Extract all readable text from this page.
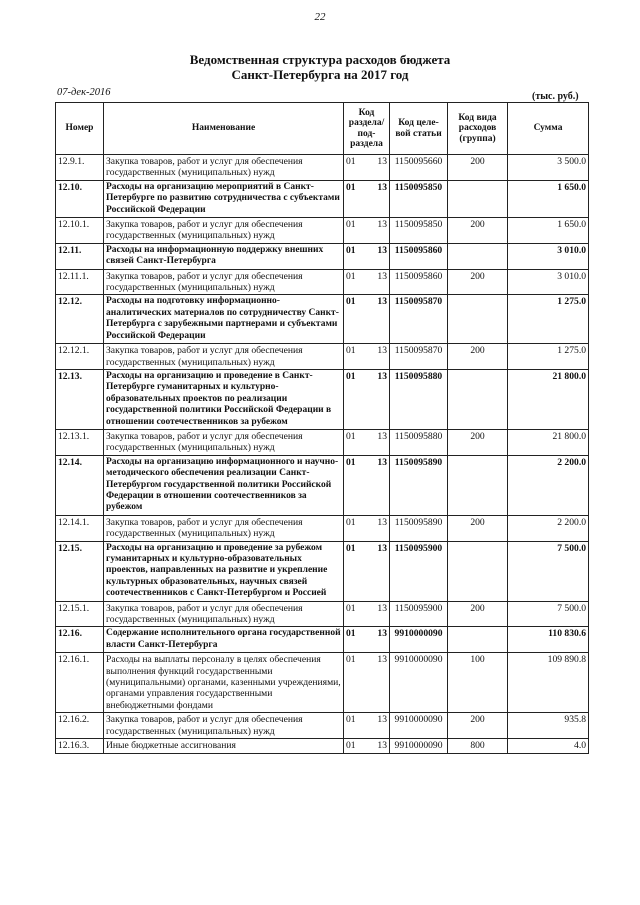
22
Ведомственная структура расходов бюджета
Санкт-Петербурга на 2017 год
07-дек-2016	(тыс. руб.)
Номер	Наименование	Код раздела/ под-раздела		Код целе-вой статьи	Код вида расходов (группа)	Сумма
12.9.1.	Закупка товаров, работ и услуг для обеспечения государственных (муниципальных) нужд	01	13	1150095660	200	3 500.0
12.10.	Расходы на организацию мероприятий в Санкт-Петербурге по развитию сотрудничества с субъектами Российской Федерации	01	13	1150095850		1 650.0
12.10.1.	Закупка товаров, работ и услуг для обеспечения государственных (муниципальных) нужд	01	13	1150095850	200	1 650.0
12.11.	Расходы на информационную поддержку внешних связей Санкт-Петербурга	01	13	1150095860		3 010.0
12.11.1.	Закупка товаров, работ и услуг для обеспечения государственных (муниципальных) нужд	01	13	1150095860	200	3 010.0
12.12.	Расходы на подготовку информационно-аналитических материалов по сотрудничеству Санкт-Петербурга с зарубежными партнерами и субъектами Российской Федерации	01	13	1150095870		1 275.0
12.12.1.	Закупка товаров, работ и услуг для обеспечения государственных (муниципальных) нужд	01	13	1150095870	200	1 275.0
12.13.	Расходы на организацию и проведение в Санкт-Петербурге гуманитарных и культурно-образовательных проектов по реализации государственной политики Российской Федерации в отношении соотечественников за рубежом	01	13	1150095880		21 800.0
12.13.1.	Закупка товаров, работ и услуг для обеспечения государственных (муниципальных) нужд	01	13	1150095880	200	21 800.0
12.14.	Расходы на организацию информационного и научно-методического обеспечения реализации Санкт-Петербургом государственной политики Российской Федерации в отношении соотечественников за рубежом	01	13	1150095890		2 200.0
12.14.1.	Закупка товаров, работ и услуг для обеспечения государственных (муниципальных) нужд	01	13	1150095890	200	2 200.0
12.15.	Расходы на организацию и проведение за рубежом гуманитарных и культурно-образовательных проектов, направленных на развитие и укрепление культурных образовательных, научных связей соотечественников с Санкт-Петербургом и Россией	01	13	1150095900		7 500.0
12.15.1.	Закупка товаров, работ и услуг для обеспечения государственных (муниципальных) нужд	01	13	1150095900	200	7 500.0
12.16.	Содержание исполнительного органа государственной власти Санкт-Петербурга	01	13	9910000090		110 830.6
12.16.1.	Расходы на выплаты персоналу в целях обеспечения выполнения функций государственными (муниципальными) органами, казенными учреждениями, органами управления государственными внебюджетными фондами	01	13	9910000090	100	109 890.8
12.16.2.	Закупка товаров, работ и услуг для обеспечения государственных (муниципальных) нужд	01	13	9910000090	200	935.8
12.16.3.	Иные бюджетные ассигнования	01	13	9910000090	800	4.0
